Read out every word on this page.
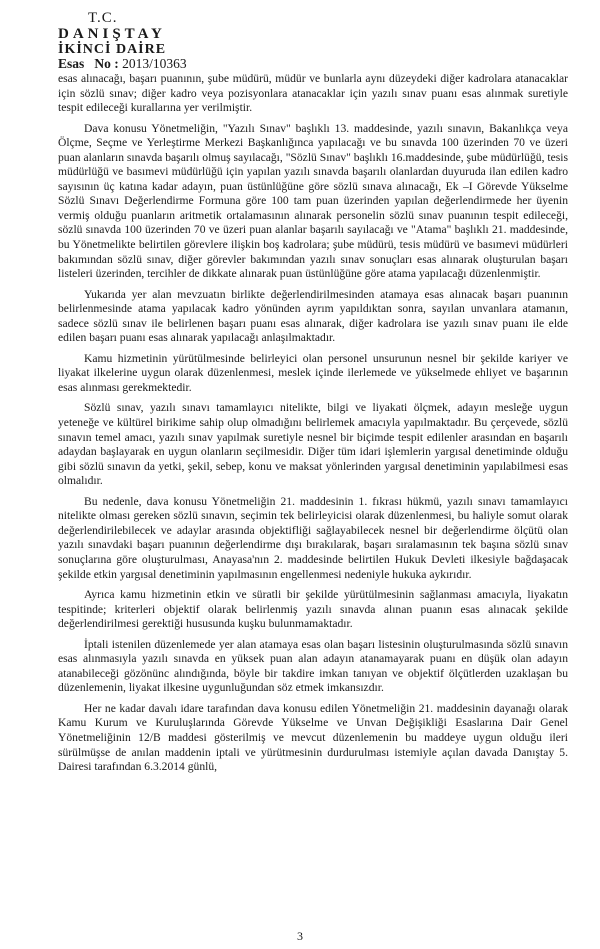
T.C.
DANIŞTAY
İKİNCİ DAİRE
Esas No : 2013/10363

esas alınacağı, başarı puanının, şube müdürü, müdür ve bunlarla aynı düzeydeki diğer kadrolara atanacaklar için sözlü sınav; diğer kadro veya pozisyonlara atanacaklar için yazılı sınav puanı esas alınmak suretiyle tespit edileceği kurallarına yer verilmiştir.

Dava konusu Yönetmeliğin, "Yazılı Sınav" başlıklı 13. maddesinde, yazılı sınavın, Bakanlıkça veya Ölçme, Seçme ve Yerleştirme Merkezi Başkanlığınca yapılacağı ve bu sınavda 100 üzerinden 70 ve üzeri puan alanların sınavda başarılı olmuş sayılacağı, "Sözlü Sınav" başlıklı 16.maddesinde, şube müdürlüğü, tesis müdürlüğü ve basımevi müdürlüğü için yapılan yazılı sınavda başarılı olanlardan duyuruda ilan edilen kadro sayısının üç katına kadar adayın, puan üstünlüğüne göre sözlü sınava alınacağı, Ek –I Görevde Yükselme Sözlü Sınavı Değerlendirme Formuna göre 100 tam puan üzerinden yapılan değerlendirmede her üyenin vermiş olduğu puanların aritmetik ortalamasının alınarak personelin sözlü sınav puanının tespit edileceği, sözlü sınavda 100 üzerinden 70 ve üzeri puan alanlar başarılı sayılacağı ve "Atama" başlıklı 21. maddesinde, bu Yönetmelikte belirtilen görevlere ilişkin boş kadrolara; şube müdürü, tesis müdürü ve basımevi müdürleri bakımından sözlü sınav, diğer görevler bakımından yazılı sınav sonuçları esas alınarak oluşturulan başarı listeleri üzerinden, tercihler de dikkate alınarak puan üstünlüğüne göre atama yapılacağı düzenlenmiştir.

Yukarıda yer alan mevzuatın birlikte değerlendirilmesinden atamaya esas alınacak başarı puanının belirlenmesinde atama yapılacak kadro yönünden ayrım yapıldıktan sonra, sayılan unvanlara atamanın, sadece sözlü sınav ile belirlenen başarı puanı esas alınarak, diğer kadrolara ise yazılı sınav puanı ile elde edilen başarı puanı esas alınarak yapılacağı anlaşılmaktadır.

Kamu hizmetinin yürütülmesinde belirleyici olan personel unsurunun nesnel bir şekilde kariyer ve liyakat ilkelerine uygun olarak düzenlenmesi, meslek içinde ilerlemede ve yükselmede ehliyet ve başarının esas alınması gerekmektedir.

Sözlü sınav, yazılı sınavı tamamlayıcı nitelikte, bilgi ve liyakati ölçmek, adayın mesleğe uygun yeteneğe ve kültürel birikime sahip olup olmadığını belirlemek amacıyla yapılmaktadır. Bu çerçevede, sözlü sınavın temel amacı, yazılı sınav yapılmak suretiyle nesnel bir biçimde tespit edilenler arasından en başarılı adaydan başlayarak en uygun olanların seçilmesidir. Diğer tüm idari işlemlerin yargısal denetiminde olduğu gibi sözlü sınavın da yetki, şekil, sebep, konu ve maksat yönlerinden yargısal denetiminin yapılabilmesi esas olmalıdır.

Bu nedenle, dava konusu Yönetmeliğin 21. maddesinin 1. fıkrası hükmü, yazılı sınavı tamamlayıcı nitelikte olması gereken sözlü sınavın, seçimin tek belirleyicisi olarak düzenlenmesi, bu haliyle somut olarak değerlendirilebilecek ve adaylar arasında objektifliği sağlayabilecek nesnel bir değerlendirme ölçütü olan yazılı sınavdaki başarı puanının değerlendirme dışı bırakılarak, başarı sıralamasının tek başına sözlü sınav sonuçlarına göre oluşturulması, Anayasa'nın 2. maddesinde belirtilen Hukuk Devleti ilkesiyle bağdaşacak şekilde etkin yargısal denetiminin yapılmasının engellenmesi nedeniyle hukuka aykırıdır.

Ayrıca kamu hizmetinin etkin ve süratli bir şekilde yürütülmesinin sağlanması amacıyla, liyakatın tespitinde; kriterleri objektif olarak belirlenmiş yazılı sınavda alınan puanın esas alınacak şekilde değerlendirilmesi gerektiği hususunda kuşku bulunmamaktadır.

İptali istenilen düzenlemede yer alan atamaya esas olan başarı listesinin oluşturulmasında sözlü sınavın esas alınmasıyla yazılı sınavda en yüksek puan alan adayın atanamayarak puanı en düşük olan adayın atanabileceği gözönünc alındığında, böyle bir takdire imkan tanıyan ve objektif ölçütlerden uzaklaşan bu düzenlemenin, liyakat ilkesine uygunluğundan söz etmek imkansızdır.

Her ne kadar davalı idare tarafından dava konusu edilen Yönetmeliğin 21. maddesinin dayanağı olarak Kamu Kurum ve Kuruluşlarında Görevde Yükselme ve Unvan Değişikliği Esaslarına Dair Genel Yönetmeliğinin 12/B maddesi gösterilmiş ve mevcut düzenlemenin bu maddeye uygun olduğu ileri sürülmüşse de anılan maddenin iptali ve yürütmesinin durdurulması istemiyle açılan davada Danıştay 5. Dairesi tarafından 6.3.2014 günlü,

3
